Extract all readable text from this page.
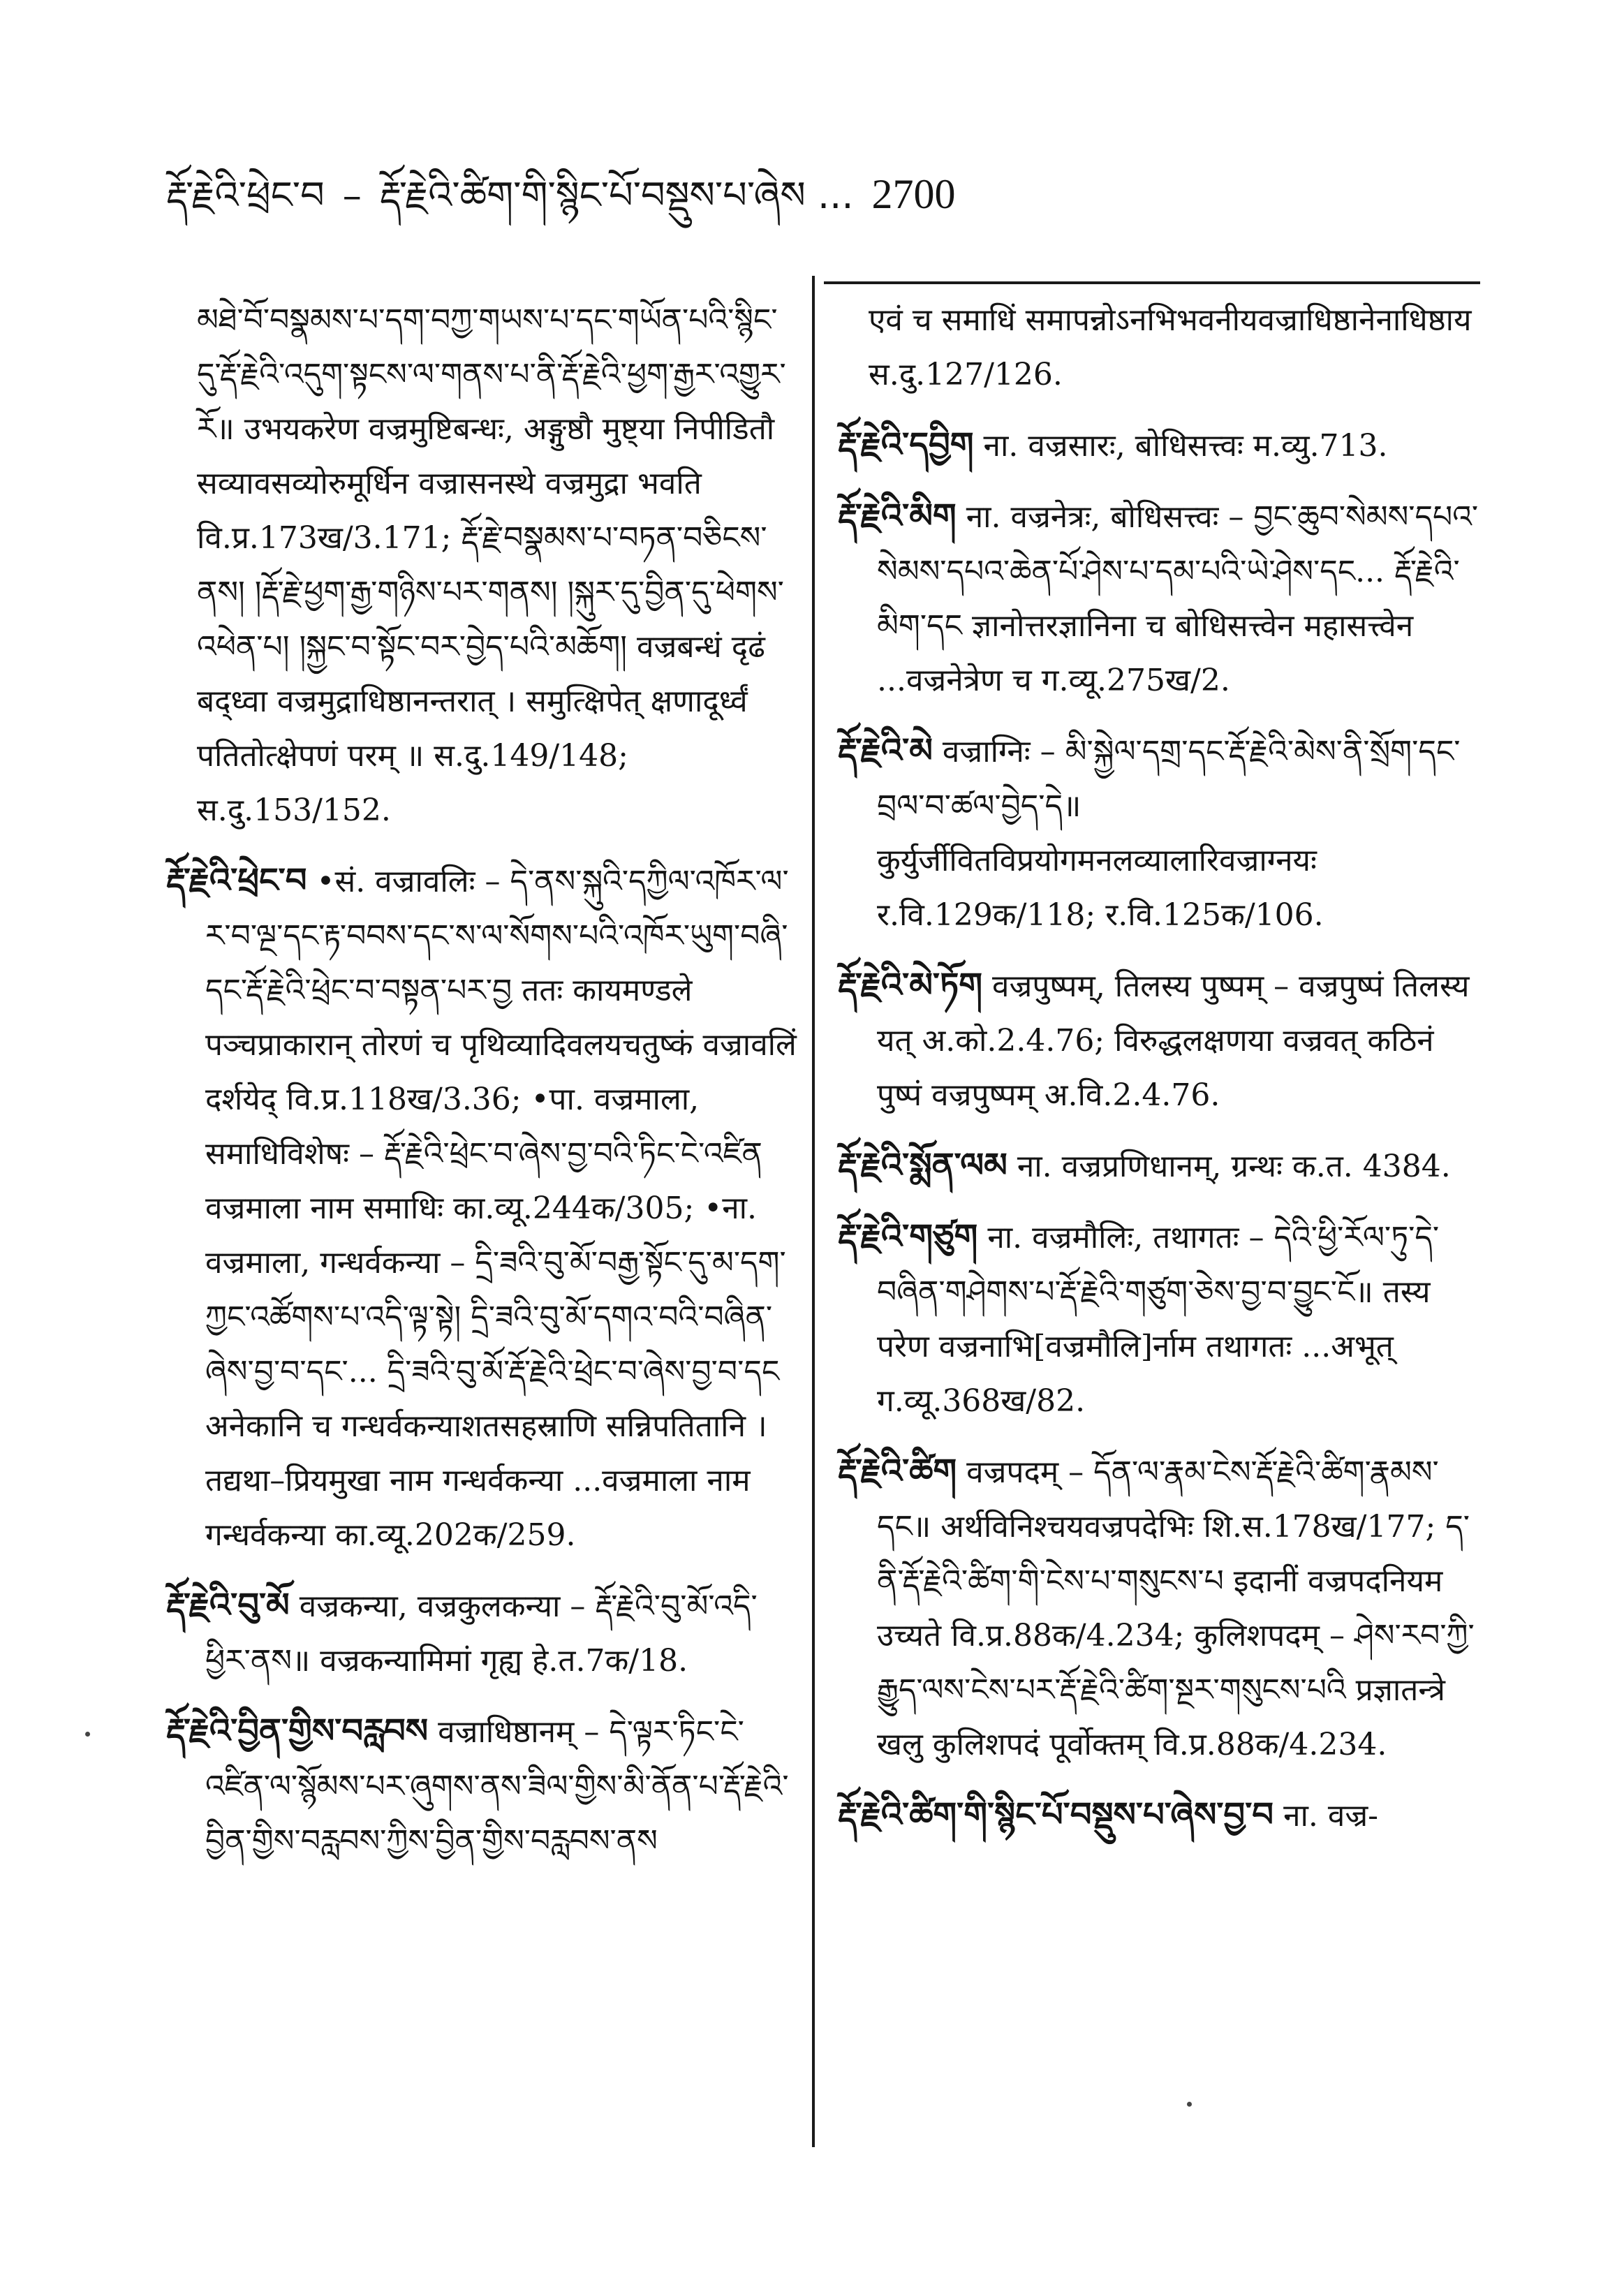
རྡོ་རྗེའི་ཕྲེང་བ – རྡོ་རྗེའི་ཚིག་གི་སྙིང་པོ་བསྡུས་པ་ཞེས ... 2700
མཐེ་བོ་བསྣམས་པ་དག་བཀྱ་གཡས་པ་དང་གཡོན་པའི་སྙིང་དུ་རྡོ་རྗེའི་འདུག་སྟངས་ལ་གནས་པ་ནི་རྡོ་རྗེའི་ཕྱག་རྒྱར་འགྱུར་རོ॥ उभयकरेण वज्रमुष्टिबन्धः, अङ्गुष्ठौ मुष्ट्या निपीडितौ सव्यावसव्योरुमूर्धिन वज्रासनस्थे वज्रमुद्रा भवति वि.प्र.173ख/3.171; རྡོ་རྗེ་བསྣམས་པ་བཏན་བཅིངས་ནས། །རྡོ་རྗེ་ཕྱག་རྒྱ་གཉིས་པར་གནས། །སྐུར་དུ་བྱིན་དུ་ཕེགས་འཕེན་པ། །སྐྱང་བ་སྟོང་བར་བྱེད་པའི་མཆོག། वज्रबन्धं दृढं बद्ध्वा वज्रमुद्राधिष्ठानन्तरात् । समुत्क्षिपेत् क्षणादूर्ध्वं पतितोत्क्षेपणं परम् ॥ स.दु.149/148; स.दु.153/152.
རྡོ་རྗེའི་ཕྲེང་བ •सं. वज्रावलिः – དེ་ནས་སྐུའི་དཀྱིལ་འཁོར་ལ་ར་བ་ལྔ་དང་རྟ་བབས་དང་ས་ལ་སོགས་པའི་འཁོར་ཡུག་བཞི་དང་རྡོ་རྗེའི་ཕྲེང་བ་བསྟན་པར་བྱ ततः कायमण्डले पञ्चप्राकारान् तोरणं च पृथिव्यादिवलयचतुष्कं वज्रावलिं दर्शयेद् वि.प्र.118ख/3.36; •पा. वज्रमाला, समाधिविशेषः – རྡོ་རྗེའི་ཕྲེང་བ་ཞེས་བྱ་བའི་ཏིང་ངེ་འཛིན वज्रमाला नाम समाधिः का.व्यू.244क/305; •ना. वज्रमाला, गन्धर्वकन्या – དྲི་ཟའི་བུ་མོ་བརྒྱ་སྟོང་དུ་མ་དག་ཀྱང་འཚོགས་པ་འདི་ལྟ་སྟེ། དྲི་ཟའི་བུ་མོ་དགའ་བའི་བཞིན་ཞེས་བྱ་བ་དང་... དྲི་ཟའི་བུ་མོ་རྡོ་རྗེའི་ཕྲེང་བ་ཞེས་བྱ་བ་དང अनेकानि च गन्धर्वकन्याशतसहस्राणि सन्निपतितानि । तद्यथा–प्रियमुखा नाम गन्धर्वकन्या ...वज्रमाला नाम गन्धर्वकन्या का.व्यू.202क/259.
རྡོ་རྗེའི་བུ་མོ वज्रकन्या, वज्रकुलकन्या – རྡོ་རྗེའི་བུ་མོ་འདི་ཕྱིར་ནས॥ वज्रकन्यामिमां गृह्य हे.त.7क/18.
རྡོ་རྗེའི་བྱིན་གྱིས་བརླབས वज्राधिष्ठानम् – དེ་ལྟར་ཏིང་ངེ་འཛིན་ལ་སྙོམས་པར་ཞུགས་ནས་ཟིལ་གྱིས་མི་ནོན་པ་རྡོ་རྗེའི་བྱིན་གྱིས་བརླབས་ཀྱིས་བྱིན་གྱིས་བརླབས་ནས
एवं च समाधिं समापन्नोऽनभिभवनीयवज्राधिष्ठानेनाधिष्ठाय स.दु.127/126.
རྡོ་རྗེའི་དབྱིག ना. वज्रसारः, बोधिसत्त्वः म.व्यु.713.
རྡོ་རྗེའི་མིག ना. वज्रनेत्रः, बोधिसत्त्वः – བྱང་ཆུབ་སེམས་དཔའ་སེམས་དཔའ་ཆེན་པོ་ཤེས་པ་དམ་པའི་ཡེ་ཤེས་དང... རྡོ་རྗེའི་མིག་དང ज्ञानोत्तरज्ञानिना च बोधिसत्त्वेन महासत्त्वेन ...वज्रनेत्रेण च ग.व्यू.275ख/2.
རྡོ་རྗེའི་མེ वज्राग्निः – མི་སྐྱེལ་དགྲ་དང་རྡོ་རྗེའི་མེས་ནི་སྲོག་དང་བྲལ་བ་ཚལ་བྱེད་དེ॥ कुर्युर्जीवितविप्रयोगमनलव्यालारिवज्राग्नयः र.वि.129क/118; र.वि.125क/106.
རྡོ་རྗེའི་མེ་ཏོག वज्रपुष्पम्, तिलस्य पुष्पम् – वज्रपुष्पं तिलस्य यत् अ.को.2.4.76; विरुद्धलक्षणया वज्रवत् कठिनं पुष्पं वज्रपुष्पम् अ.वि.2.4.76.
རྡོ་རྗེའི་སྨོན་ལམ ना. वज्रप्रणिधानम्, ग्रन्थः क.त. 4384.
རྡོ་རྗེའི་གཙུག ना. वज्रमौलिः, तथागतः – དེའི་ཕྱི་རོལ་ཏུ་དེ་བཞིན་གཤེགས་པ་རྡོ་རྗེའི་གཙུག་ཅེས་བྱ་བ་བྱུང་ངོ॥ तस्य परेण वज्रनाभि[वज्रमौलि]र्नाम तथागतः ...अभूत् ग.व्यू.368ख/82.
རྡོ་རྗེའི་ཚིག वज्रपदम् – དོན་ལ་རྣམ་ངེས་རྡོ་རྗེའི་ཚིག་རྣམས་དང॥ अर्थविनिश्चयवज्रपदेभिः शि.स.178ख/177; ད་ནི་རྡོ་རྗེའི་ཚིག་གི་ངེས་པ་གསུངས་པ इदानीं वज्रपदनियम उच्यते वि.प्र.88क/4.234; कुलिशपदम् – ཤེས་རབ་ཀྱི་རྒྱུད་ལས་ངེས་པར་རྡོ་རྗེའི་ཚིག་སྔར་གསུངས་པའི प्रज्ञातन्त्रे खलु कुलिशपदं पूर्वोक्तम् वि.प्र.88क/4.234.
རྡོ་རྗེའི་ཚིག་གི་སྙིང་པོ་བསྡུས་པ་ཞེས་བྱ་བ ना. वज्र-
